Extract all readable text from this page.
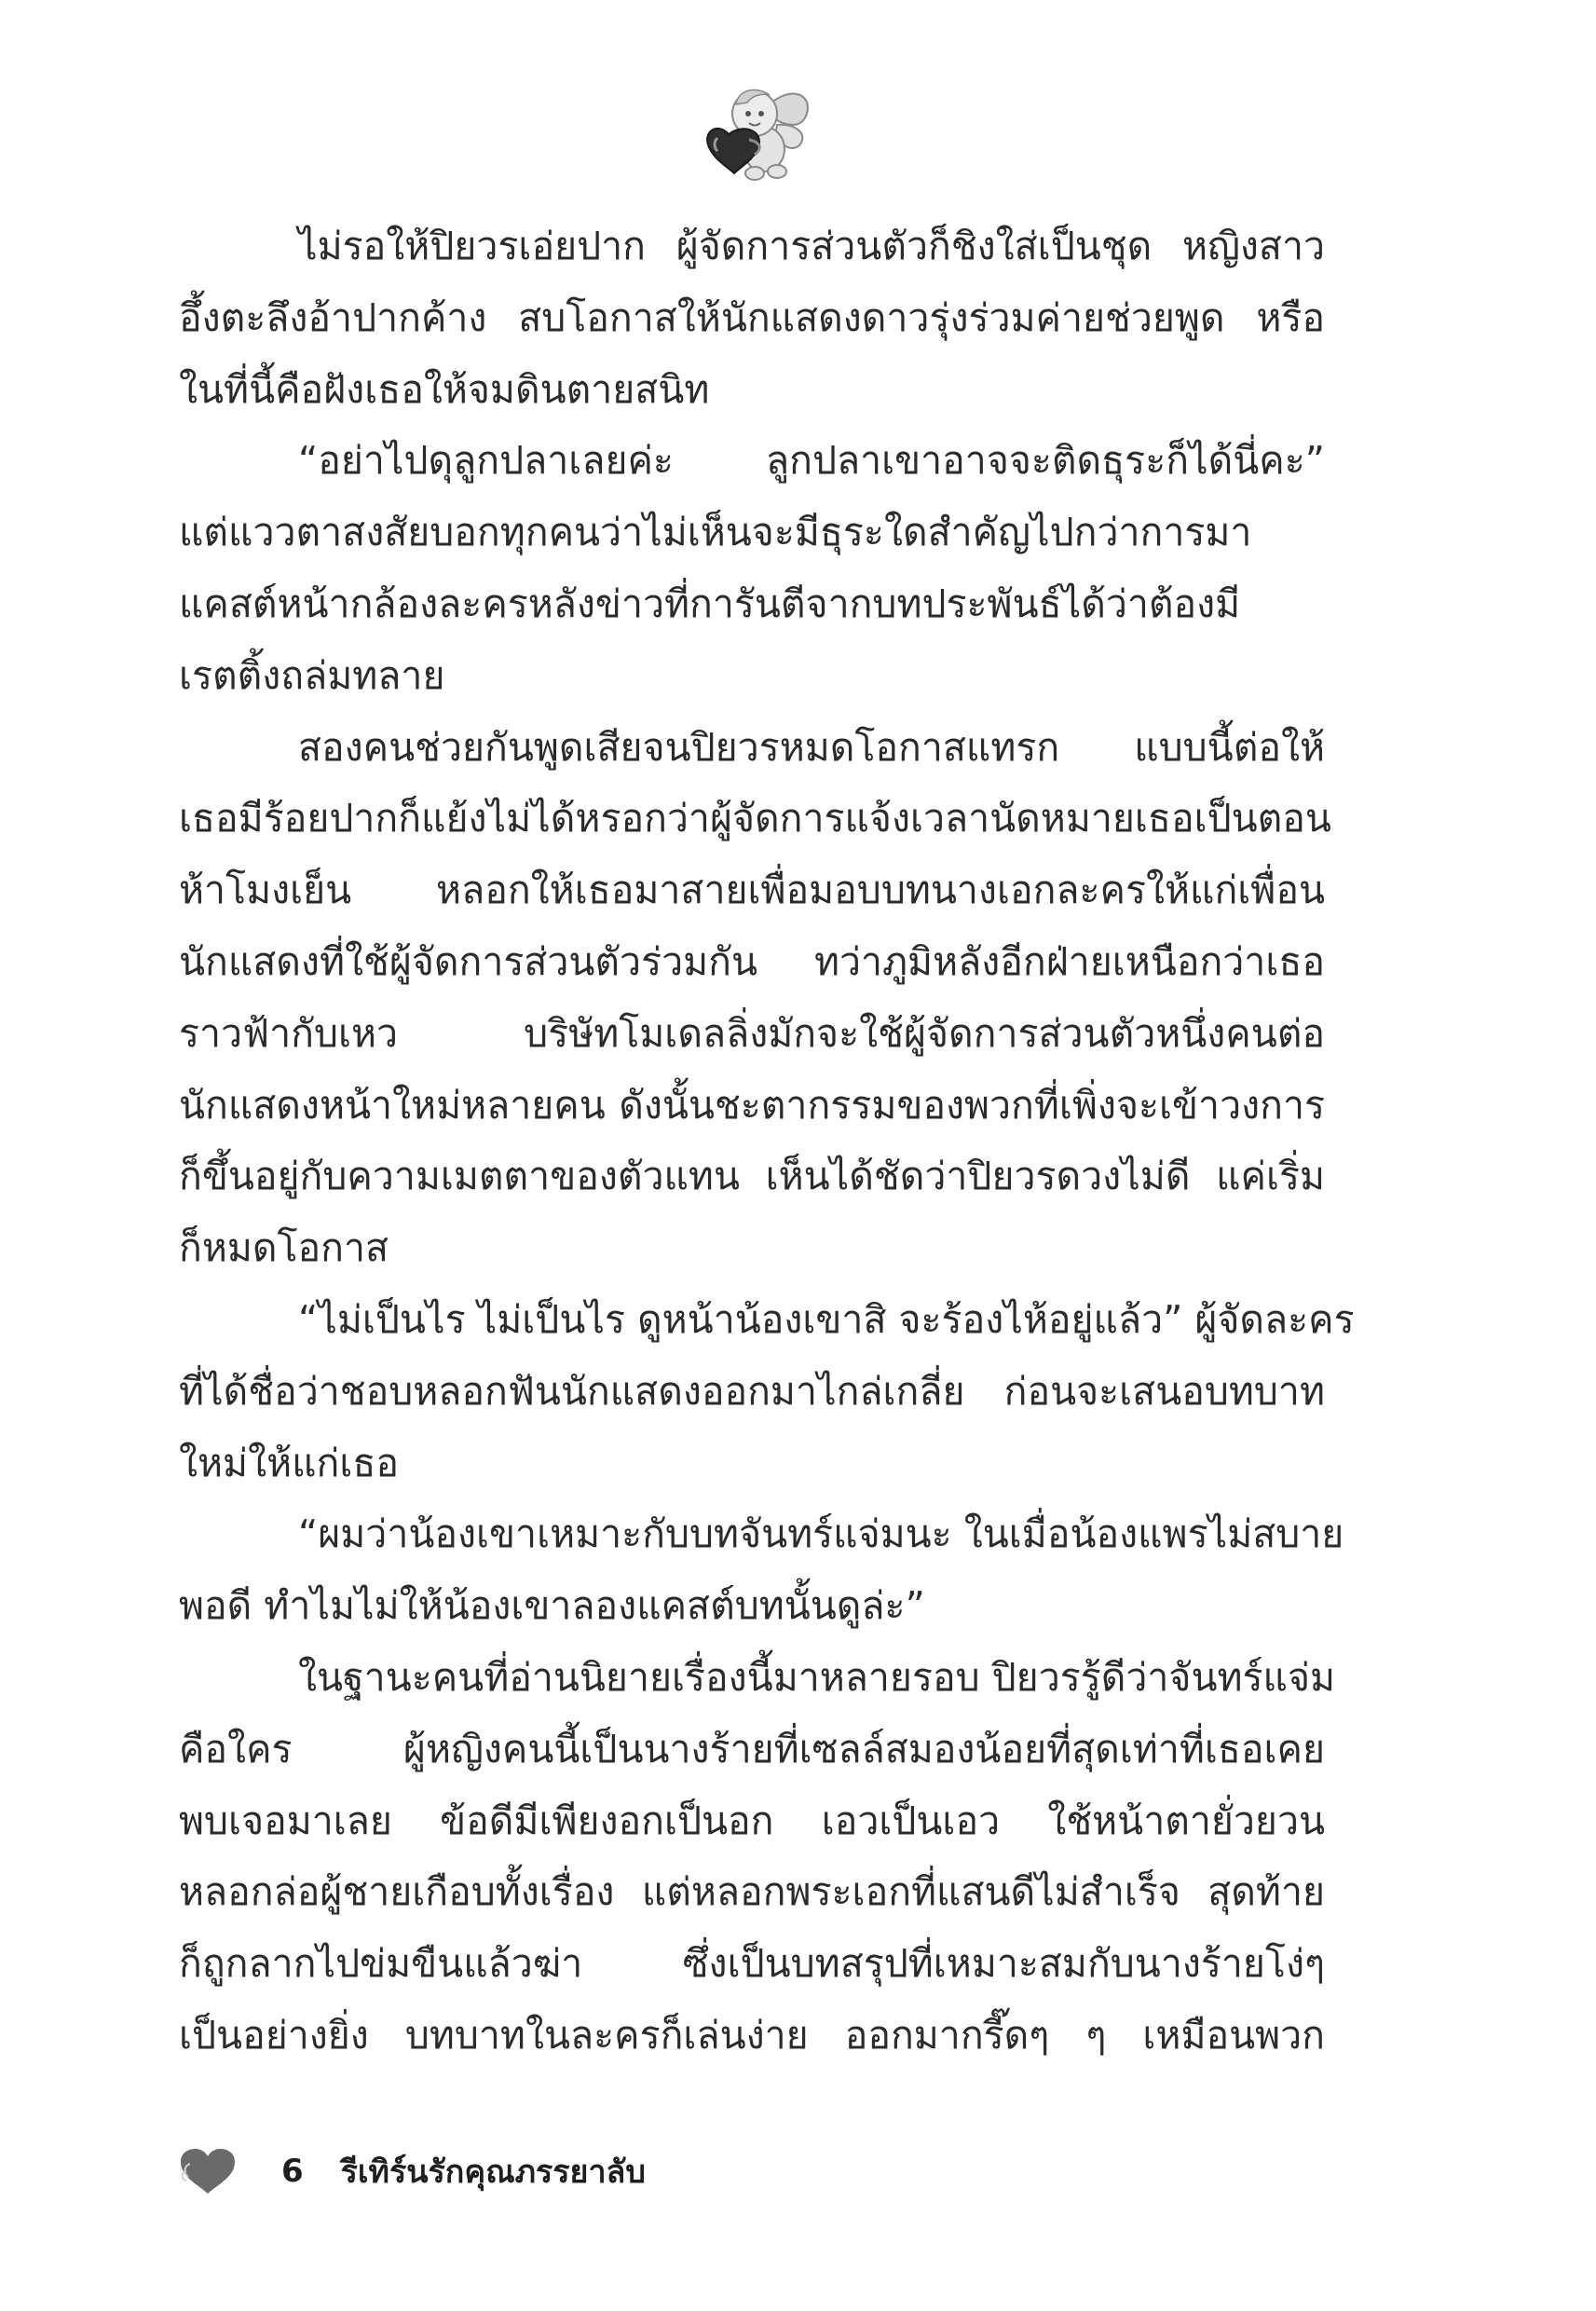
ไม่รอให้ปิยวรเอ่ยปาก ผู้จัดการส่วนตัวก็ชิงใส่เป็นชุด หญิงสาว
อึ้งตะลึงอ้าปากค้าง สบโอกาสให้นักแสดงดาวรุ่งร่วมค่ายช่วยพูด หรือ
ในที่นี้คือฝังเธอให้จมดินตายสนิท
“อย่าไปดุลูกปลาเลยค่ะ ลูกปลาเขาอาจจะติดธุระก็ได้นี่คะ”
แต่แววตาสงสัยบอกทุกคนว่าไม่เห็นจะมีธุระใดสำคัญไปกว่าการมา
แคสต์หน้ากล้องละครหลังข่าวที่การันตีจากบทประพันธ์ได้ว่าต้องมี
เรตติ้งถล่มทลาย
สองคนช่วยกันพูดเสียจนปิยวรหมดโอกาสแทรก แบบนี้ต่อให้
เธอมีร้อยปากก็แย้งไม่ได้หรอกว่าผู้จัดการแจ้งเวลานัดหมายเธอเป็นตอน
ห้าโมงเย็น หลอกให้เธอมาสายเพื่อมอบบทนางเอกละครให้แก่เพื่อน
นักแสดงที่ใช้ผู้จัดการส่วนตัวร่วมกัน ทว่าภูมิหลังอีกฝ่ายเหนือกว่าเธอ
ราวฟ้ากับเหว บริษัทโมเดลลิ่งมักจะใช้ผู้จัดการส่วนตัวหนึ่งคนต่อ
นักแสดงหน้าใหม่หลายคน ดังนั้นชะตากรรมของพวกที่เพิ่งจะเข้าวงการ
ก็ขึ้นอยู่กับความเมตตาของตัวแทน เห็นได้ชัดว่าปิยวรดวงไม่ดี แค่เริ่ม
ก็หมดโอกาส
“ไม่เป็นไร ไม่เป็นไร ดูหน้าน้องเขาสิ จะร้องไห้อยู่แล้ว” ผู้จัดละคร
ที่ได้ชื่อว่าชอบหลอกฟันนักแสดงออกมาไกล่เกลี่ย ก่อนจะเสนอบทบาท
ใหม่ให้แก่เธอ
“ผมว่าน้องเขาเหมาะกับบทจันทร์แจ่มนะ ในเมื่อน้องแพรไม่สบาย
พอดี ทำไมไม่ให้น้องเขาลองแคสต์บทนั้นดูล่ะ”
ในฐานะคนที่อ่านนิยายเรื่องนี้มาหลายรอบ ปิยวรรู้ดีว่าจันทร์แจ่ม
คือใคร ผู้หญิงคนนี้เป็นนางร้ายที่เซลล์สมองน้อยที่สุดเท่าที่เธอเคย
พบเจอมาเลย ข้อดีมีเพียงอกเป็นอก เอวเป็นเอว ใช้หน้าตายั่วยวน
หลอกล่อผู้ชายเกือบทั้งเรื่อง แต่หลอกพระเอกที่แสนดีไม่สำเร็จ สุดท้าย
ก็ถูกลากไปข่มขืนแล้วฆ่า ซึ่งเป็นบทสรุปที่เหมาะสมกับนางร้ายโง่ๆ
เป็นอย่างยิ่ง บทบาทในละครก็เล่นง่าย ออกมากรี๊ดๆ ๆ เหมือนพวก
6 รีเทิร์นรักคุณภรรยาลับ
